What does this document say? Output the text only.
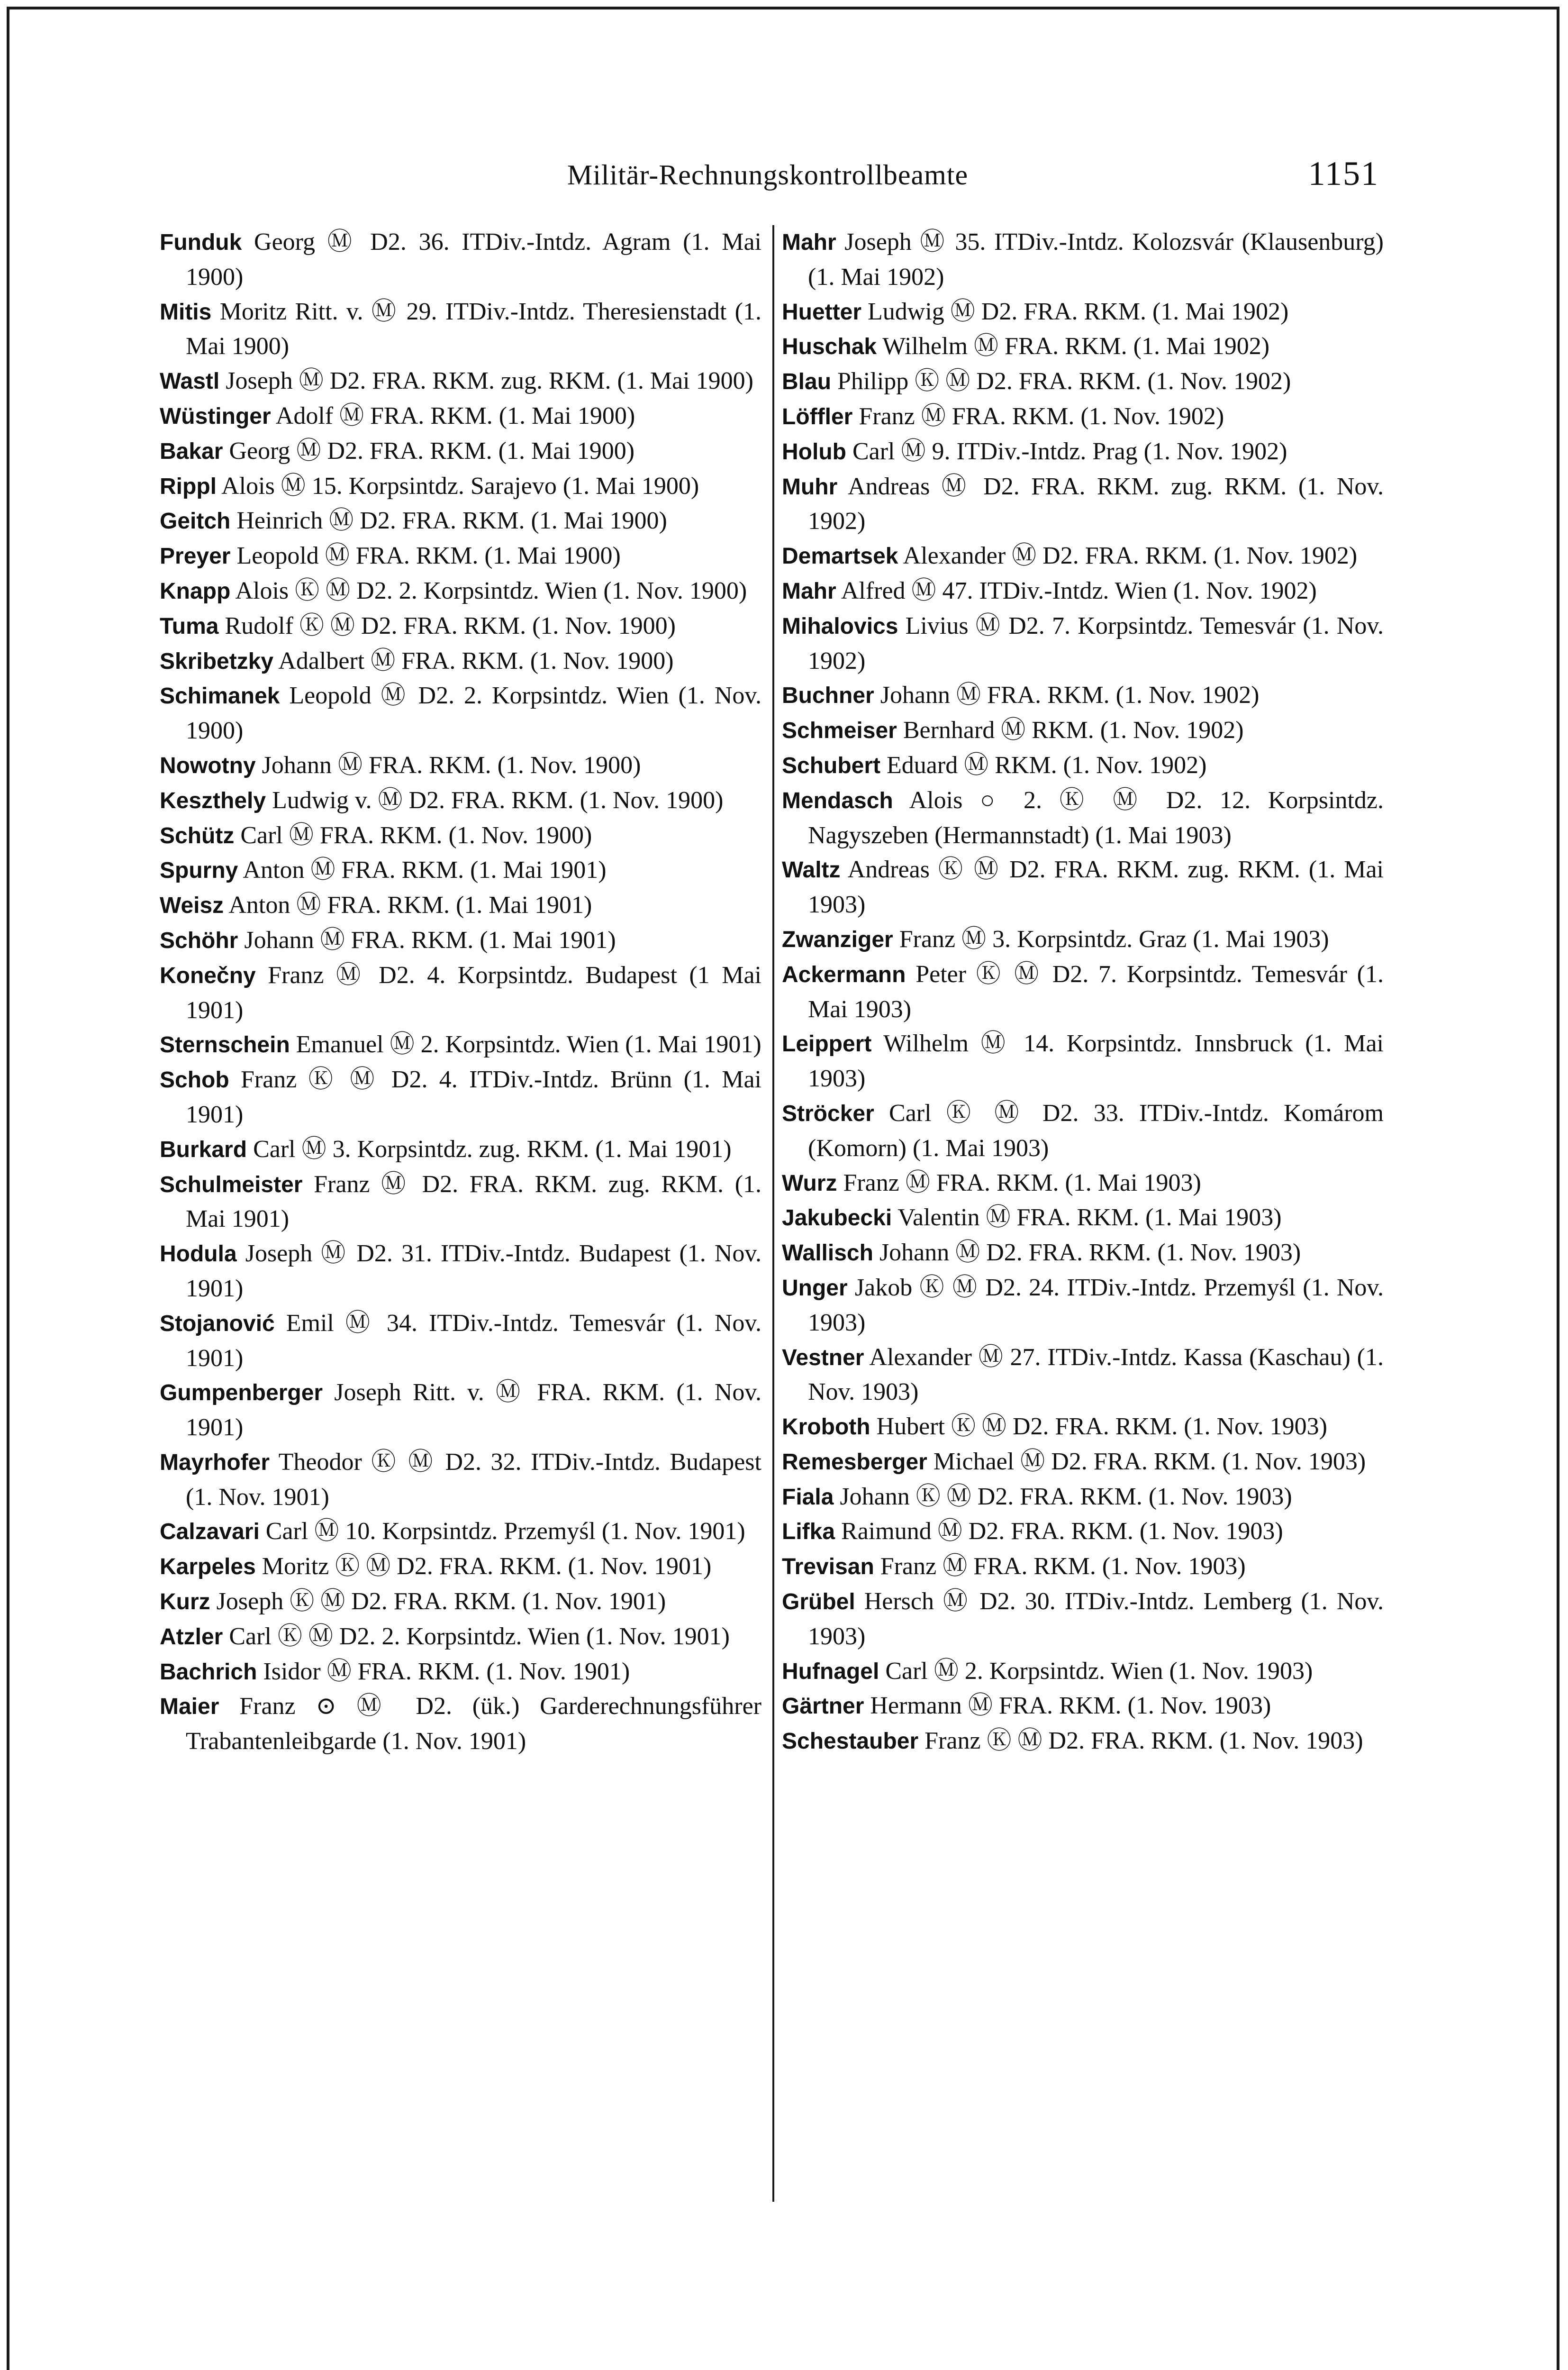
Militär-Rechnungskontrollbeamte	1151
Funduk Georg Ⓜ D2. 36. ITDiv.-Intdz. Agram (1. Mai 1900)
Mitis Moritz Ritt. v. Ⓜ 29. ITDiv.-Intdz. Theresienstadt (1. Mai 1900)
Wastl Joseph Ⓜ D2. FRA. RKM. zug. RKM. (1. Mai 1900)
Wüstinger Adolf Ⓜ FRA. RKM. (1. Mai 1900)
Bakar Georg Ⓜ D2. FRA. RKM. (1. Mai 1900)
Rippl Alois Ⓜ 15. Korpsintdz. Sarajevo (1. Mai 1900)
Geitch Heinrich Ⓜ D2. FRA. RKM. (1. Mai 1900)
Preyer Leopold Ⓜ FRA. RKM. (1. Mai 1900)
Knapp Alois Ⓚ Ⓜ D2. 2. Korpsintdz. Wien (1. Nov. 1900)
Tuma Rudolf Ⓚ Ⓜ D2. FRA. RKM. (1. Nov. 1900)
Skribetzky Adalbert Ⓜ FRA. RKM. (1. Nov. 1900)
Schimanek Leopold Ⓜ D2. 2. Korpsintdz. Wien (1. Nov. 1900)
Nowotny Johann Ⓜ FRA. RKM. (1. Nov. 1900)
Keszthely Ludwig v. Ⓜ D2. FRA. RKM. (1. Nov. 1900)
Schütz Carl Ⓜ FRA. RKM. (1. Nov. 1900)
Spurny Anton Ⓜ FRA. RKM. (1. Mai 1901)
Weisz Anton Ⓜ FRA. RKM. (1. Mai 1901)
Schöhr Johann Ⓜ FRA. RKM. (1. Mai 1901)
Konečny Franz Ⓜ D2. 4. Korpsintdz. Budapest (1 Mai 1901)
Sternschein Emanuel Ⓜ 2. Korpsintdz. Wien (1. Mai 1901)
Schob Franz Ⓚ Ⓜ D2. 4. ITDiv.-Intdz. Brünn (1. Mai 1901)
Burkard Carl Ⓜ 3. Korpsintdz. zug. RKM. (1. Mai 1901)
Schulmeister Franz Ⓜ D2. FRA. RKM. zug. RKM. (1. Mai 1901)
Hodula Joseph Ⓜ D2. 31. ITDiv.-Intdz. Budapest (1. Nov. 1901)
Stojanović Emil Ⓜ 34. ITDiv.-Intdz. Temesvár (1. Nov. 1901)
Gumpenberger Joseph Ritt. v. Ⓜ FRA. RKM. (1. Nov. 1901)
Mayrhofer Theodor Ⓚ Ⓜ D2. 32. ITDiv.-Intdz. Budapest (1. Nov. 1901)
Calzavari Carl Ⓜ 10. Korpsintdz. Przemyśl (1. Nov. 1901)
Karpeles Moritz Ⓚ Ⓜ D2. FRA. RKM. (1. Nov. 1901)
Kurz Joseph Ⓚ Ⓜ D2. FRA. RKM. (1. Nov. 1901)
Atzler Carl Ⓚ Ⓜ D2. 2. Korpsintdz. Wien (1. Nov. 1901)
Bachrich Isidor Ⓜ FRA. RKM. (1. Nov. 1901)
Maier Franz ⊙ Ⓜ D2. (ük.) Garderechnungsführer Trabantenleibgarde (1. Nov. 1901)
Mahr Joseph Ⓜ 35. ITDiv.-Intdz. Kolozsvár (Klausenburg) (1. Mai 1902)
Huetter Ludwig Ⓜ D2. FRA. RKM. (1. Mai 1902)
Huschak Wilhelm Ⓜ FRA. RKM. (1. Mai 1902)
Blau Philipp Ⓚ Ⓜ D2. FRA. RKM. (1. Nov. 1902)
Löffler Franz Ⓜ FRA. RKM. (1. Nov. 1902)
Holub Carl Ⓜ 9. ITDiv.-Intdz. Prag (1. Nov. 1902)
Muhr Andreas Ⓜ D2. FRA. RKM. zug. RKM. (1. Nov. 1902)
Demartsek Alexander Ⓜ D2. FRA. RKM. (1. Nov. 1902)
Mahr Alfred Ⓜ 47. ITDiv.-Intdz. Wien (1. Nov. 1902)
Mihalovics Livius Ⓜ D2. 7. Korpsintdz. Temesvár (1. Nov. 1902)
Buchner Johann Ⓜ FRA. RKM. (1. Nov. 1902)
Schmeiser Bernhard Ⓜ RKM. (1. Nov. 1902)
Schubert Eduard Ⓜ RKM. (1. Nov. 1902)
Mendasch Alois ○ 2. Ⓚ Ⓜ D2. 12. Korpsintdz. Nagyszeben (Hermannstadt) (1. Mai 1903)
Waltz Andreas Ⓚ Ⓜ D2. FRA. RKM. zug. RKM. (1. Mai 1903)
Zwanziger Franz Ⓜ 3. Korpsintdz. Graz (1. Mai 1903)
Ackermann Peter Ⓚ Ⓜ D2. 7. Korpsintdz. Temesvár (1. Mai 1903)
Leippert Wilhelm Ⓜ 14. Korpsintdz. Innsbruck (1. Mai 1903)
Ströcker Carl Ⓚ Ⓜ D2. 33. ITDiv.-Intdz. Komárom (Komorn) (1. Mai 1903)
Wurz Franz Ⓜ FRA. RKM. (1. Mai 1903)
Jakubecki Valentin Ⓜ FRA. RKM. (1. Mai 1903)
Wallisch Johann Ⓜ D2. FRA. RKM. (1. Nov. 1903)
Unger Jakob Ⓚ Ⓜ D2. 24. ITDiv.-Intdz. Przemyśl (1. Nov. 1903)
Vestner Alexander Ⓜ 27. ITDiv.-Intdz. Kassa (Kaschau) (1. Nov. 1903)
Kroboth Hubert Ⓚ Ⓜ D2. FRA. RKM. (1. Nov. 1903)
Remesberger Michael Ⓜ D2. FRA. RKM. (1. Nov. 1903)
Fiala Johann Ⓚ Ⓜ D2. FRA. RKM. (1. Nov. 1903)
Lifka Raimund Ⓜ D2. FRA. RKM. (1. Nov. 1903)
Trevisan Franz Ⓜ FRA. RKM. (1. Nov. 1903)
Grübel Hersch Ⓜ D2. 30. ITDiv.-Intdz. Lemberg (1. Nov. 1903)
Hufnagel Carl Ⓜ 2. Korpsintdz. Wien (1. Nov. 1903)
Gärtner Hermann Ⓜ FRA. RKM. (1. Nov. 1903)
Schestauber Franz Ⓚ Ⓜ D2. FRA. RKM. (1. Nov. 1903)
